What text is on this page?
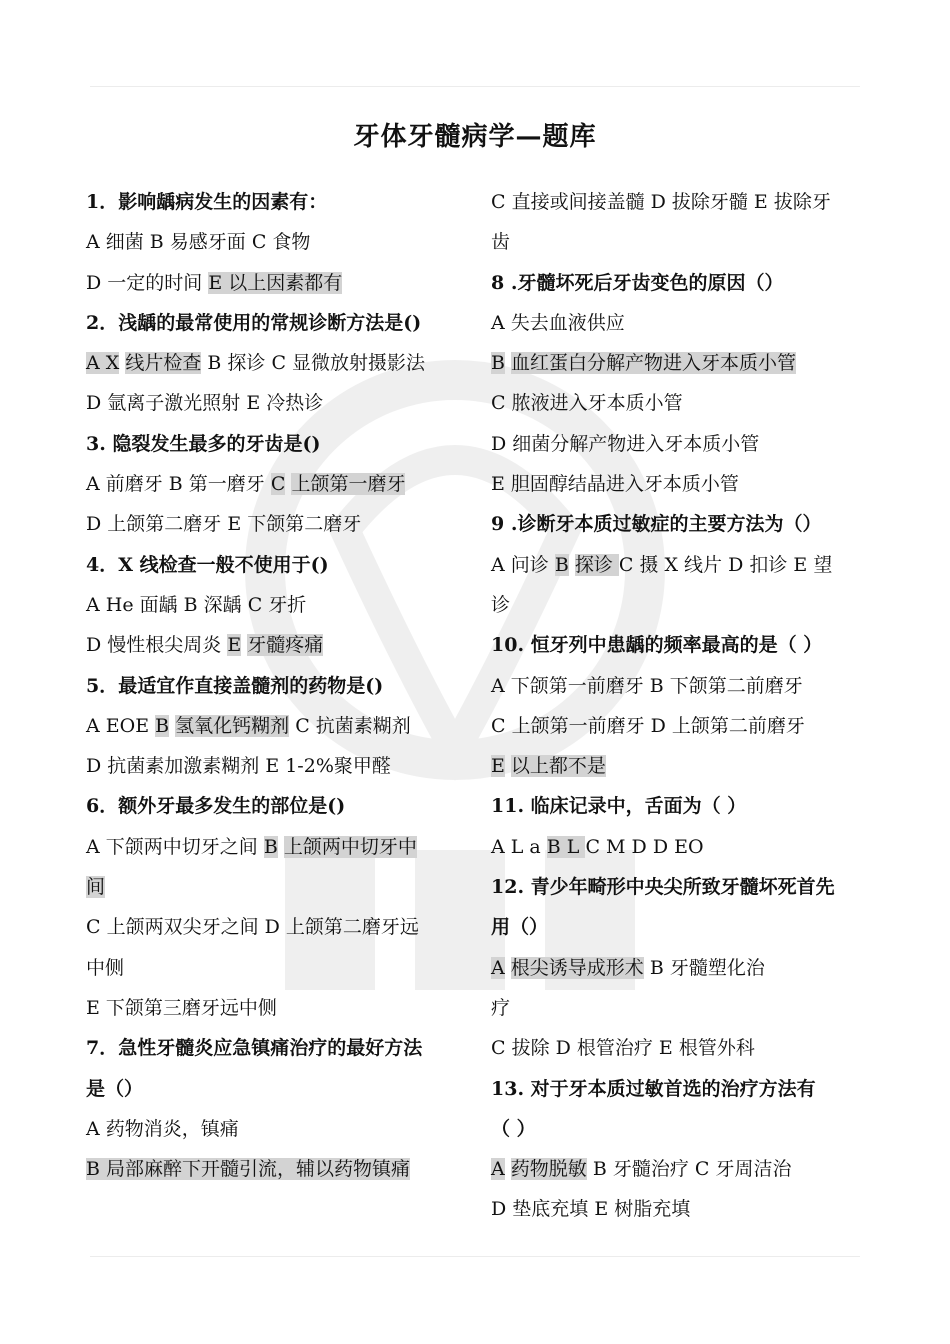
牙体牙髓病学—题库
1．影响龋病发生的因素有：
A 细菌 B 易感牙面 C 食物
D 一定的时间 E 以上因素都有
2．浅龋的最常使用的常规诊断方法是()
A X 线片检查 B 探诊 C 显微放射摄影法
D 氩离子激光照射 E 冷热诊
3. 隐裂发生最多的牙齿是()
A 前磨牙 B 第一磨牙 C 上颌第一磨牙
D 上颌第二磨牙 E 下颌第二磨牙
4．X 线检查一般不使用于()
A He 面龋 B 深龋 C 牙折
D 慢性根尖周炎 E 牙髓疼痛
5．最适宜作直接盖髓剂的药物是()
A EOE B 氢氧化钙糊剂 C 抗菌素糊剂
D 抗菌素加激素糊剂 E 1-2%聚甲醛
6．额外牙最多发生的部位是()
A 下颌两中切牙之间 B 上颌两中切牙中
间
C 上颌两双尖牙之间 D 上颌第二磨牙远
中侧
E 下颌第三磨牙远中侧
7．急性牙髓炎应急镇痛治疗的最好方法
是（）
A 药物消炎，镇痛
B 局部麻醉下开髓引流，辅以药物镇痛
C 直接或间接盖髓 D 拔除牙髓 E 拔除牙
齿
8 .牙髓坏死后牙齿变色的原因（）
A 失去血液供应
B 血红蛋白分解产物进入牙本质小管
C 脓液进入牙本质小管
D 细菌分解产物进入牙本质小管
E 胆固醇结晶进入牙本质小管
9 .诊断牙本质过敏症的主要方法为（）
A 问诊 B 探诊 C 摄 X 线片 D 扣诊 E 望
诊
10. 恒牙列中患龋的频率最高的是（ ）
A 下颌第一前磨牙 B 下颌第二前磨牙
C 上颌第一前磨牙 D 上颌第二前磨牙
E 以上都不是
11. 临床记录中，舌面为（ ）
A L a B L C M D D EO
12. 青少年畸形中央尖所致牙髓坏死首先
用（）
A 根尖诱导成形术 B 牙髓塑化治
疗
C 拔除 D 根管治疗 E 根管外科
13. 对于牙本质过敏首选的治疗方法有
（ ）
A 药物脱敏 B 牙髓治疗 C 牙周洁治
D 垫底充填 E 树脂充填
